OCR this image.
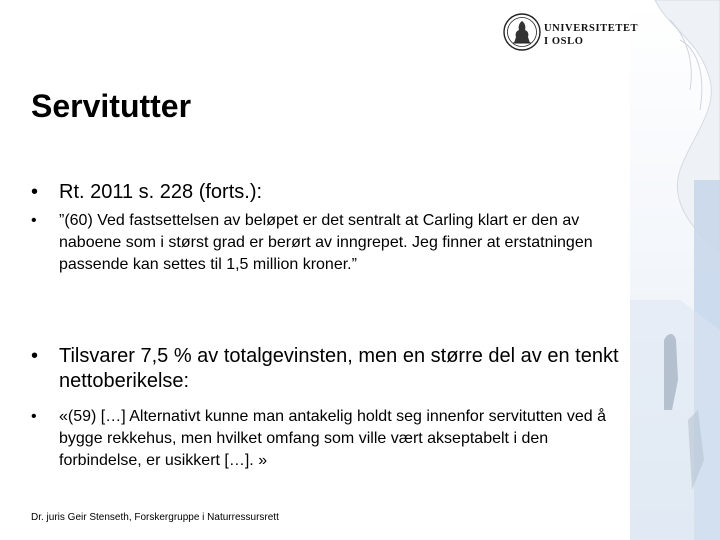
UNIVERSITETET
I OSLO
Servitutter
• Rt. 2011 s. 228 (forts.):
• ”(60) Ved fastsettelsen av beløpet er det sentralt at Carling klart er den av naboene som i størst grad er berørt av inngrepet. Jeg finner at erstatningen passende kan settes til 1,5 million kroner.”
• Tilsvarer 7,5 % av totalgevinsten, men en større del av en tenkt nettoberikelse:
• «(59) […] Alternativt kunne man antakelig holdt seg innenfor servitutten ved å bygge rekkehus, men hvilket omfang som ville vært akseptabelt i den forbindelse, er usikkert […]. »
Dr. juris Geir Stenseth, Forskergruppe i Naturressursrett
